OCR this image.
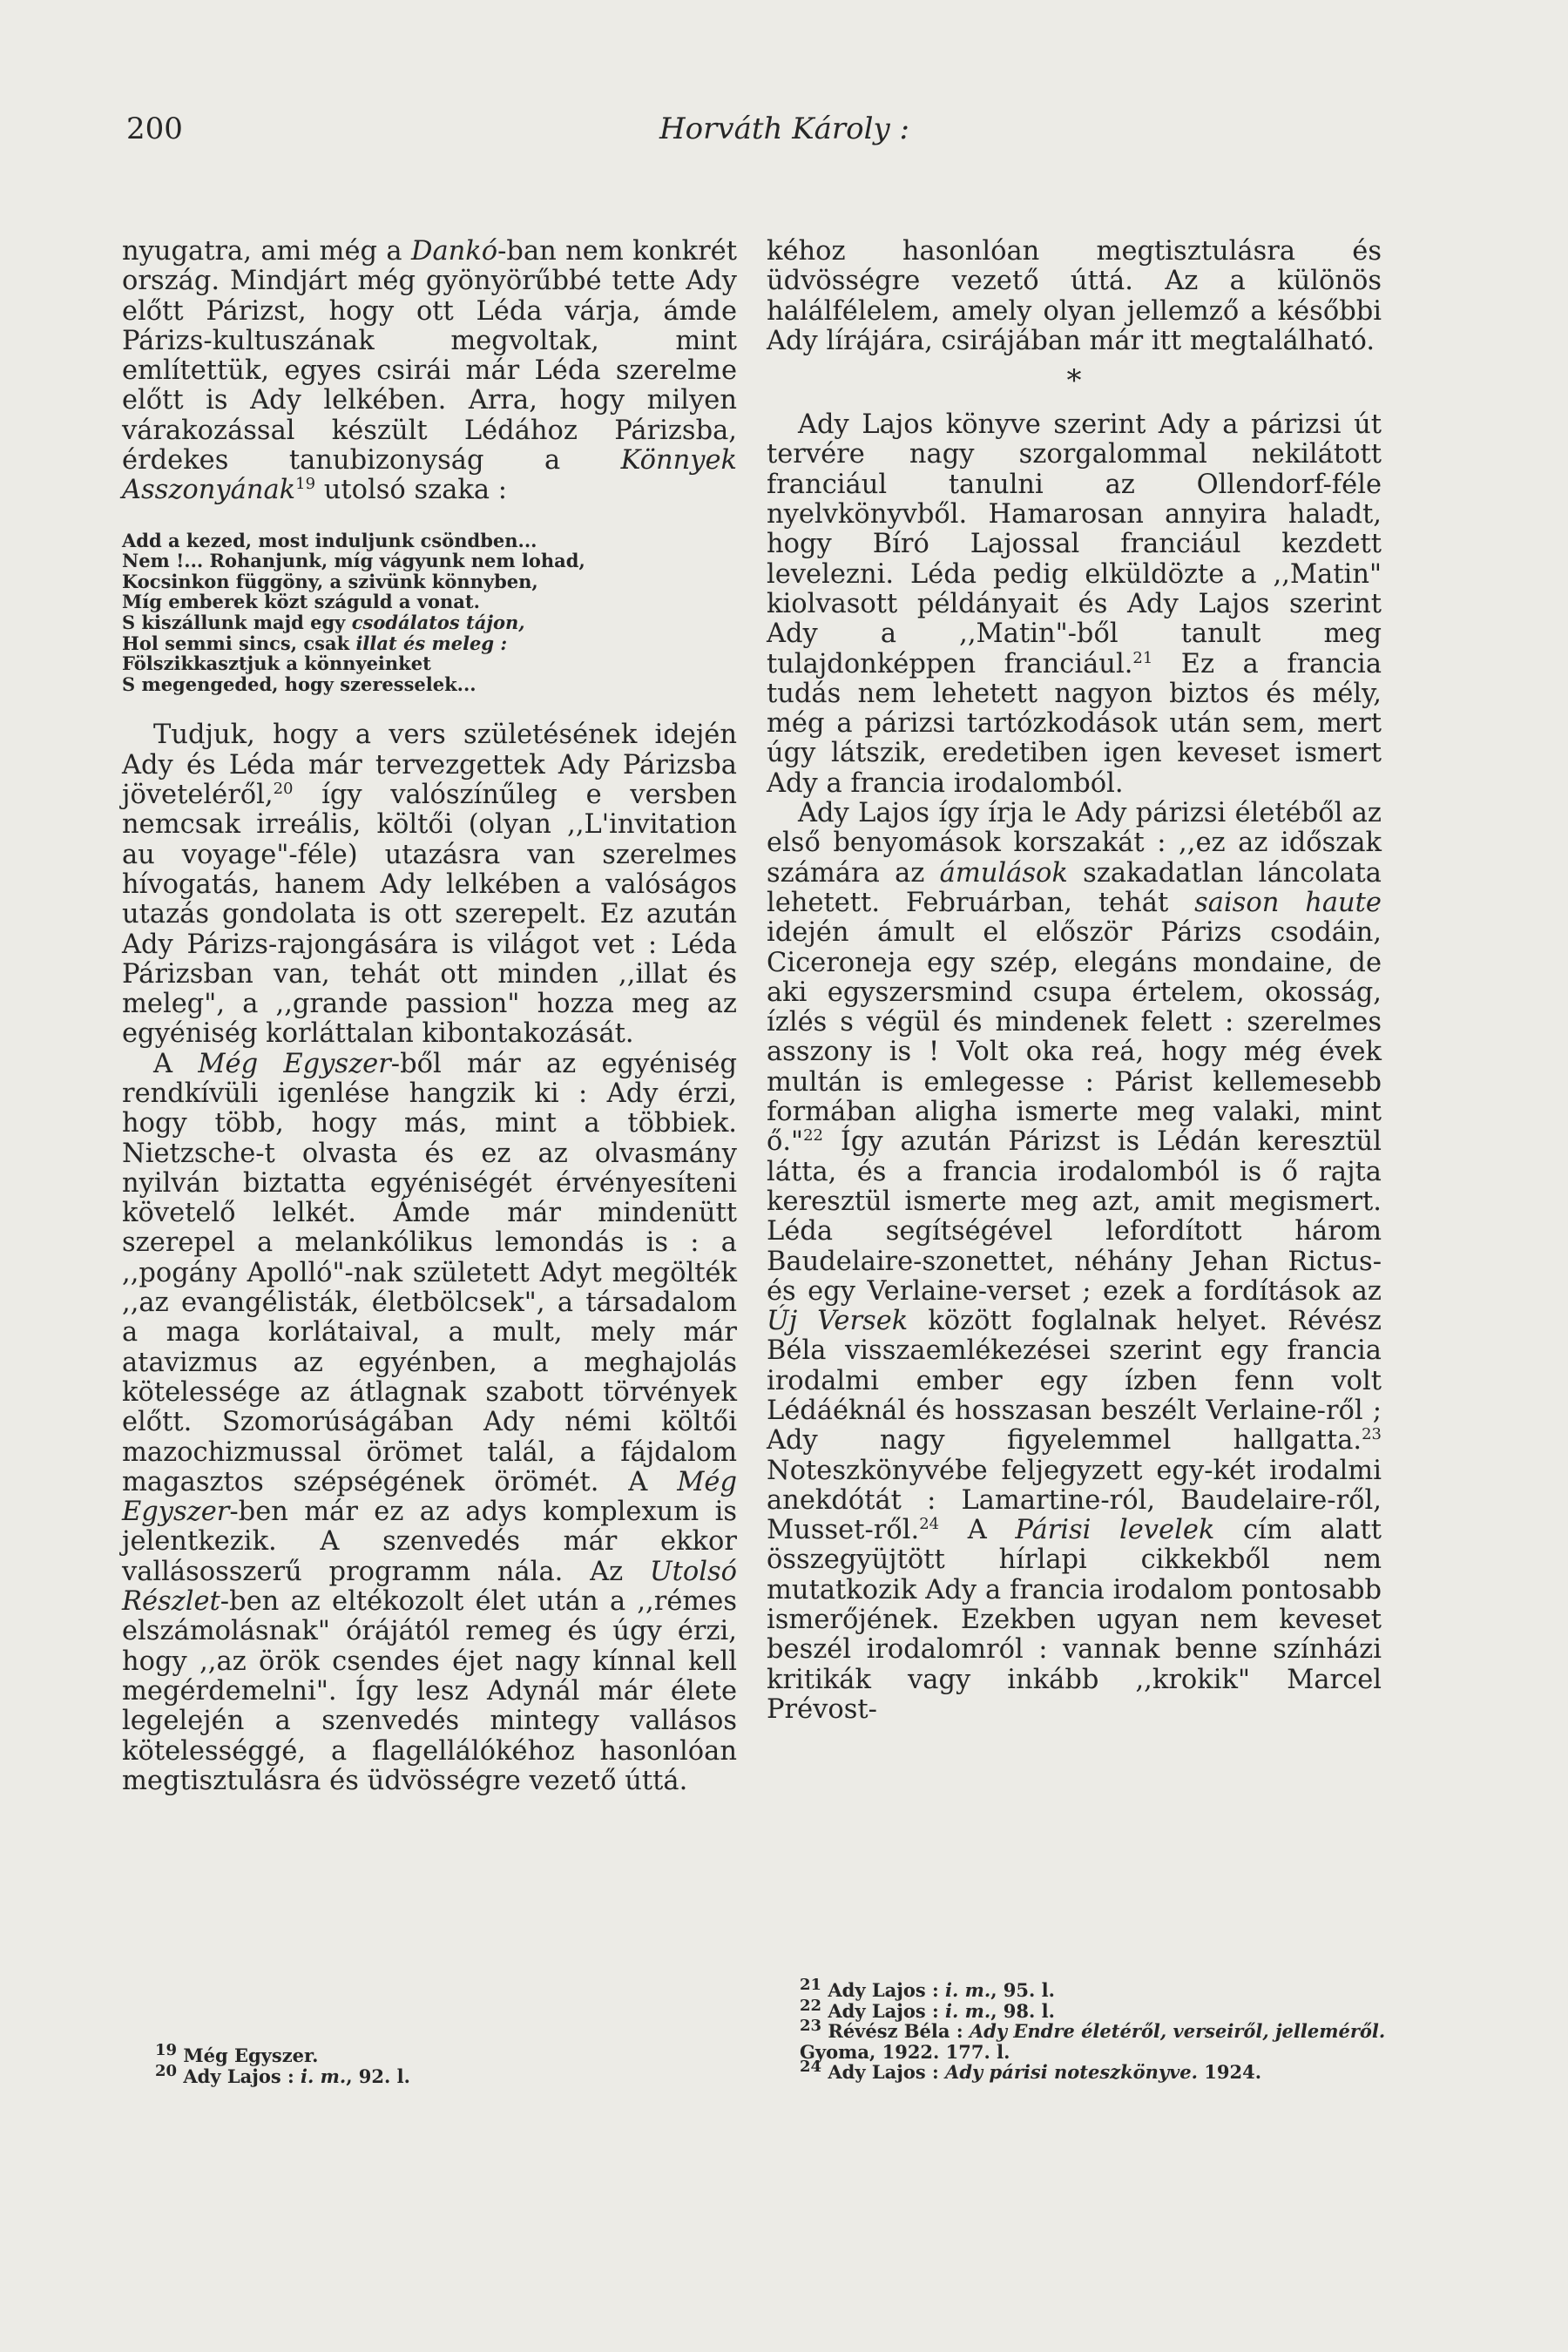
200	Horváth Károly :

nyugatra, ami még a Dankó-ban nem konkrét ország. Mindjárt még gyönyörűbbé tette Ady előtt Párizst, hogy ott Léda várja, ámde Párizs-kultuszának megvoltak, mint említettük, egyes csirái már Léda szerelme előtt is Ady lelkében. Arra, hogy milyen várakozással készült Lédához Párizsba, érdekes tanubizonyság a Könnyek Asszonyának$^{19}$ utolsó szaka :

Add a kezed, most induljunk csöndben...
Nem !... Rohanjunk, míg vágyunk nem lohad,
Kocsinkon függöny, a szivünk könnyben,
Míg emberek közt száguld a vonat.
S kiszállunk majd egy csodálatos tájon,
Hol semmi sincs, csak illat és meleg :
Fölszikkasztjuk a könnyeinket
S megengeded, hogy szeresselek...

Tudjuk, hogy a vers születésének idején Ady és Léda már tervezgettek Ady Párizsba jöveteléről,$^{20}$ így valószínűleg e versben nemcsak irreális, költői (olyan ,,L'invitation au voyage"-féle) utazásra van szerelmes hívogatás, hanem Ady lelkében a valóságos utazás gondolata is ott szerepelt. Ez azután Ady Párizs-rajongására is világot vet : Léda Párizsban van, tehát ott minden ,,illat és meleg", a ,,grande passion" hozza meg az egyéniség korláttalan kibontakozását.

A Még Egyszer-ből már az egyéniség rendkívüli igenlése hangzik ki : Ady érzi, hogy több, hogy más, mint a többiek. Nietzsche-t olvasta és ez az olvasmány nyilván biztatta egyéniségét érvényesíteni követelő lelkét. Ámde már mindenütt szerepel a melankólikus lemondás is : a ,,pogány Apolló"-nak született Adyt megölték ,,az evangélisták, életbölcsek", a társadalom a maga korlátaival, a mult, mely már atavizmus az egyénben, a meghajolás kötelessége az átlagnak szabott törvények előtt. Szomorúságában Ady némi költői mazochizmussal örömet talál, a fájdalom magasztos szépségének örömét. A Még Egyszer-ben már ez az adys komplexum is jelentkezik. A szenvedés már ekkor vallásosszerű programm nála. Az Utolsó Részlet-ben az eltékozolt élet után a ,,rémes elszámolásnak" órájától remeg és úgy érzi, hogy ,,az örök csendes éjet nagy kínnal kell megérdemelni". Így lesz Adynál már élete legelején a szenvedés mintegy vallásos kötelességgé, a flagellálókéhoz hasonlóan megtisztulásra és üdvösségre vezető úttá.

kéhoz hasonlóan megtisztulásra és üdvösségre vezető úttá. Az a különös halálfélelem, amely olyan jellemző a későbbi Ady lírájára, csirájában már itt megtalálható.

*

Ady Lajos könyve szerint Ady a párizsi út tervére nagy szorgalommal nekilátott franciául tanulni az Ollendorf-féle nyelvkönyvből. Hamarosan annyira haladt, hogy Bíró Lajossal franciául kezdett levelezni. Léda pedig elküldözte a ,,Matin" kiolvasott példányait és Ady Lajos szerint Ady a ,,Matin"-ből tanult meg tulajdonképpen franciául.$^{21}$ Ez a francia tudás nem lehetett nagyon biztos és mély, még a párizsi tartózkodások után sem, mert úgy látszik, eredetiben igen keveset ismert Ady a francia irodalomból.

Ady Lajos így írja le Ady párizsi életéből az első benyomások korszakát : ,,ez az időszak számára az ámulások szakadatlan láncolata lehetett. Februárban, tehát saison haute idején ámult el először Párizs csodáin, Ciceroneja egy szép, elegáns mondaine, de aki egyszersmind csupa értelem, okosság, ízlés s végül és mindenek felett : szerelmes asszony is ! Volt oka reá, hogy még évek multán is emlegesse : Párist kellemesebb formában aligha ismerte meg valaki, mint ő."$^{22}$ Így azután Párizst is Lédán keresztül látta, és a francia irodalomból is ő rajta keresztül ismerte meg azt, amit megismert. Léda segítségével lefordított három Baudelaire-szonettet, néhány Jehan Rictus- és egy Verlaine-verset ; ezek a fordítások az Új Versek között foglalnak helyet. Révész Béla visszaemlékezései szerint egy francia irodalmi ember egy ízben fenn volt Lédáéknál és hosszasan beszélt Verlaine-ről ; Ady nagy figyelemmel hallgatta.$^{23}$ Noteszkönyvébe feljegyzett egy-két irodalmi anekdótát : Lamartine-ról, Baudelaire-ről, Musset-ről.$^{24}$ A Párisi levelek cím alatt összegyüjtött hírlapi cikkekből nem mutatkozik Ady a francia irodalom pontosabb ismerőjének. Ezekben ugyan nem keveset beszél irodalomról : vannak benne színházi kritikák vagy inkább ,,krokik" Marcel Prévost-

$^{19}$ Még Egyszer.
$^{20}$ Ady Lajos : i. m., 92. l.
$^{21}$ Ady Lajos : i. m., 95. l.
$^{22}$ Ady Lajos : i. m., 98. l.
$^{23}$ Révész Béla : Ady Endre életéről, verseiről, jelleméről. Gyoma, 1922. 177. l.
$^{24}$ Ady Lajos : Ady párisi noteszkönyve. 1924.
